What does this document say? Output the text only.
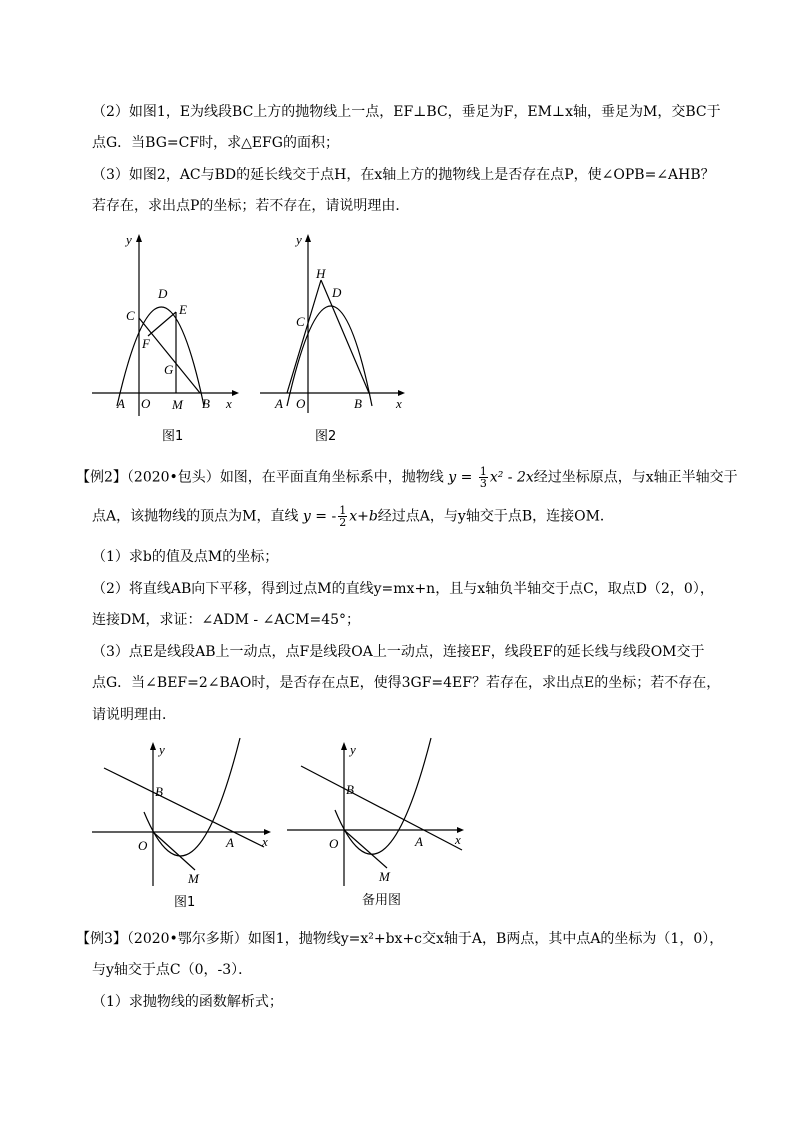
（2）如图1，E为线段BC上方的抛物线上一点，EF⊥BC，垂足为F，EM⊥x轴，垂足为M，交BC于
点G．当BG=CF时，求△EFG的面积；
（3）如图2，AC与BD的延长线交于点H，在x轴上方的抛物线上是否存在点P，使∠OPB=∠AHB？
若存在，求出点P的坐标；若不存在，请说明理由．
y
x
C
D
E
F
G
A O M B
图1
y
x
H
D
C
A O	B
图2
【例2】（2020•包头）如图，在平面直角坐标系中，抛物线 $y = \frac{1}{3} x^2 - 2x$经过坐标原点，与x轴正半轴交于
点A，该抛物线的顶点为M，直线 y = - $\frac{1}{2} x+b$经过点A，与y轴交于点B，连接OM．
（1）求b的值及点M的坐标；
（2）将直线AB向下平移，得到过点M的直线y=mx+n，且与x轴负半轴交于点C，取点D（2，0），
连接DM，求证：∠ADM - ∠ACM=45°；
（3）点E是线段AB上一动点，点F是线段OA上一动点，连接EF，线段EF的延长线与线段OM交于
点G．当∠BEF=2∠BAO时，是否存在点E，使得3GF=4EF？若存在，求出点E的坐标；若不存在，
请说明理由．
y
x
B
O	A
M
图1
y
x
B
O	A
M
备用图
【例3】（2020•鄂尔多斯）如图1，抛物线y=x²+bx+c交x轴于A，B两点，其中点A的坐标为（1，0），
与y轴交于点C（0，-3）．
（1）求抛物线的函数解析式；
